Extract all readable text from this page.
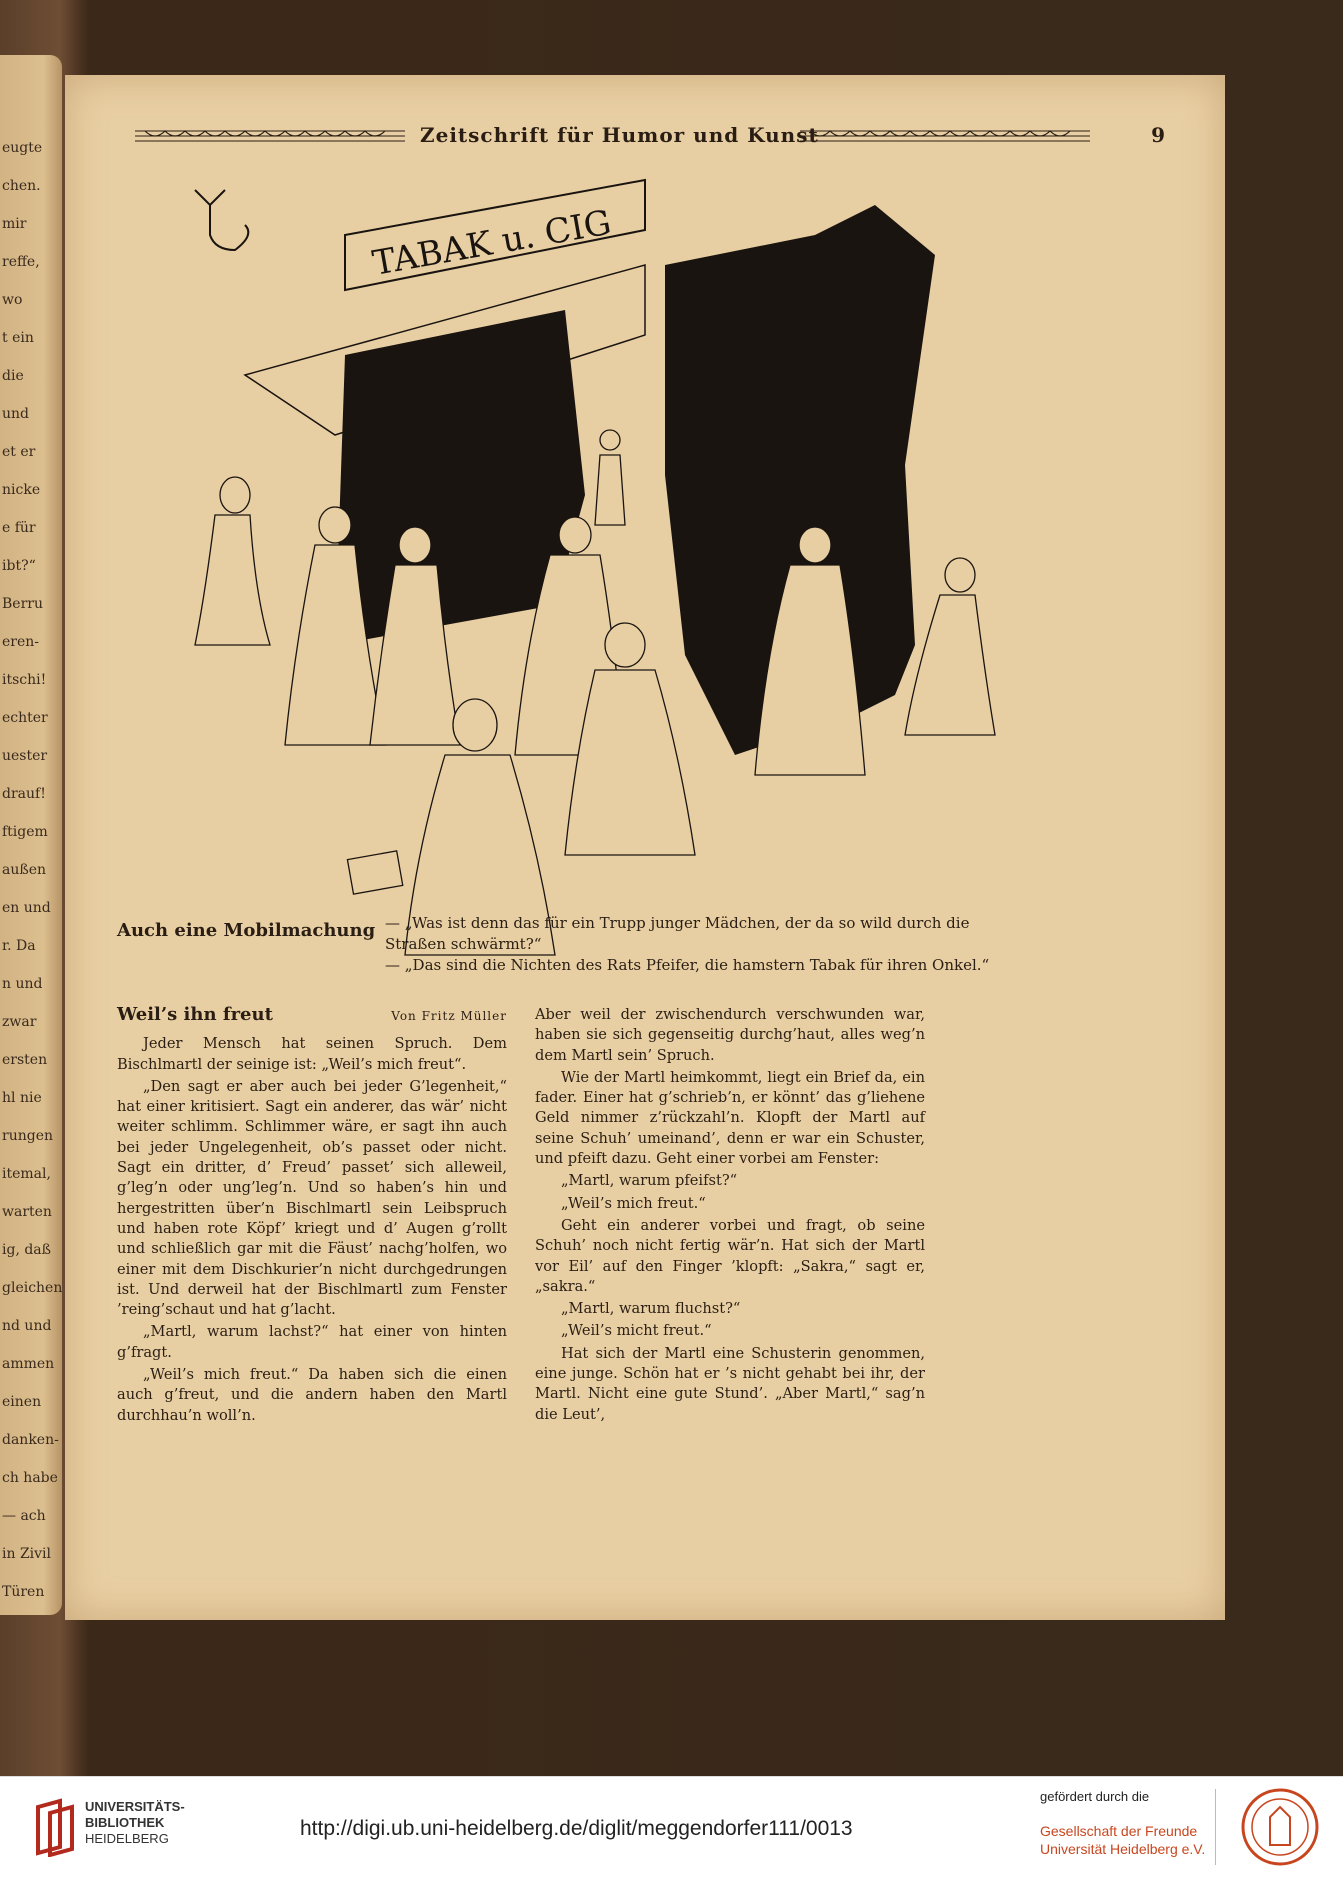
eugte
chen.
mir
reffe,
wo
t ein
die
und
et er
nicke
e für
ibt?“
Berru
eren-
itschi!
echter
uester
drauf!
ftigem
außen
en und
r. Da
n und
zwar
ersten
hl nie
rungen
itemal,
warten
ig, daß
gleichen
nd und
ammen
einen
danken-
ch habe
— ach
in Zivil
Türen
Zeitschrift für Humor und Kunst	9
TABAK u. CIG
Auch eine Mobilmachung — „Was ist denn das für ein Trupp junger Mädchen, der da so wild durch die
Straßen schwärmt?“
— „Das sind die Nichten des Rats Pfeifer, die hamstern Tabak für ihren Onkel.“
Weil’s ihn freut	Von Fritz Müller

Jeder Mensch hat seinen Spruch. Dem Bischlmartl der seinige ist: „Weil’s mich freut“.

„Den sagt er aber auch bei jeder G’legenheit,“ hat einer kritisiert. Sagt ein anderer, das wär’ nicht weiter schlimm. Schlimmer wäre, er sagt ihn auch bei jeder Ungelegenheit, ob’s passet oder nicht. Sagt ein dritter, d’ Freud’ passet’ sich alleweil, g’leg’n oder ung’leg’n. Und so haben’s hin und hergestritten über’n Bischlmartl sein Leibspruch und haben rote Köpf’ kriegt und d’ Augen g’rollt und schließlich gar mit die Fäust’ nachg’holfen, wo einer mit dem Dischkurier’n nicht durchgedrungen ist. Und derweil hat der Bischlmartl zum Fenster ’reing’schaut und hat g’lacht.

„Martl, warum lachst?“ hat einer von hinten g’fragt.

„Weil’s mich freut.“ Da haben sich die einen auch g’freut, und die andern haben den Martl durchhau’n woll’n.

Aber weil der zwischendurch verschwunden war, haben sie sich gegenseitig durchg’haut, alles weg’n dem Martl sein’ Spruch.

Wie der Martl heimkommt, liegt ein Brief da, ein fader. Einer hat g’schrieb’n, er könnt’ das g’liehene Geld nimmer z’rückzahl’n. Klopft der Martl auf seine Schuh’ umeinand’, denn er war ein Schuster, und pfeift dazu. Geht einer vorbei am Fenster:

„Martl, warum pfeifst?“

„Weil’s mich freut.“

Geht ein anderer vorbei und fragt, ob seine Schuh’ noch nicht fertig wär’n. Hat sich der Martl vor Eil’ auf den Finger ’klopft: „Sakra,“ sagt er, „sakra.“

„Martl, warum fluchst?“

„Weil’s micht freut.“

Hat sich der Martl eine Schusterin genommen, eine junge. Schön hat er ’s nicht gehabt bei ihr, der Martl. Nicht eine gute Stund’. „Aber Martl,“ sag’n die Leut’,

UNIVERSITÄTS-
BIBLIOTHEK
HEIDELBERG	http://digi.ub.uni-heidelberg.de/diglit/meggendorfer111/0013
gefördert durch die
Gesellschaft der Freunde
Universität Heidelberg e.V.
